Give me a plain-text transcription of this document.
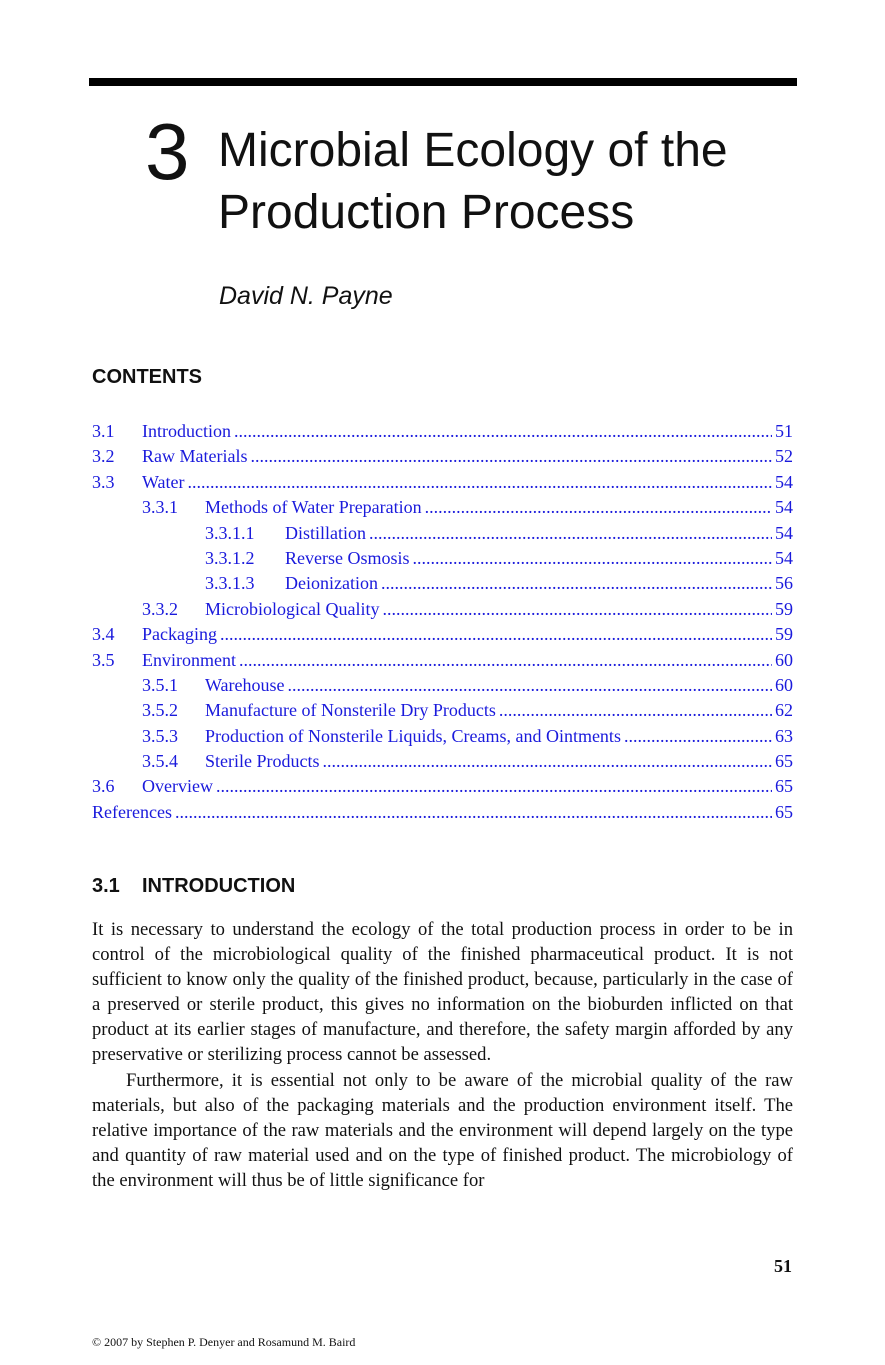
3 Microbial Ecology of the
Production Process
David N. Payne
CONTENTS
3.1 Introduction .....	51
3.2 Raw Materials .....	52
3.3 Water .....	54
3.3.1 Methods of Water Preparation .....	54
3.3.1.1 Distillation .....	54
3.3.1.2 Reverse Osmosis .....	54
3.3.1.3 Deionization .....	56
3.3.2 Microbiological Quality .....	59
3.4 Packaging .....	59
3.5 Environment .....	60
3.5.1 Warehouse .....	60
3.5.2 Manufacture of Nonsterile Dry Products .....	62
3.5.3 Production of Nonsterile Liquids, Creams, and Ointments .....	63
3.5.4 Sterile Products .....	65
3.6 Overview .....	65
References .....	65
3.1 INTRODUCTION

It is necessary to understand the ecology of the total production process in order to be in control of the microbiological quality of the finished pharmaceutical product. It is not sufficient to know only the quality of the finished product, because, particularly in the case of a preserved or sterile product, this gives no information on the bioburden inflicted on that product at its earlier stages of manufacture, and therefore, the safety margin afforded by any preservative or sterilizing process cannot be assessed.

Furthermore, it is essential not only to be aware of the microbial quality of the raw materials, but also of the packaging materials and the production environment itself. The relative importance of the raw materials and the environment will depend largely on the type and quantity of raw material used and on the type of finished product. The microbiology of the environment will thus be of little significance for

51
© 2007 by Stephen P. Denyer and Rosamund M. Baird
